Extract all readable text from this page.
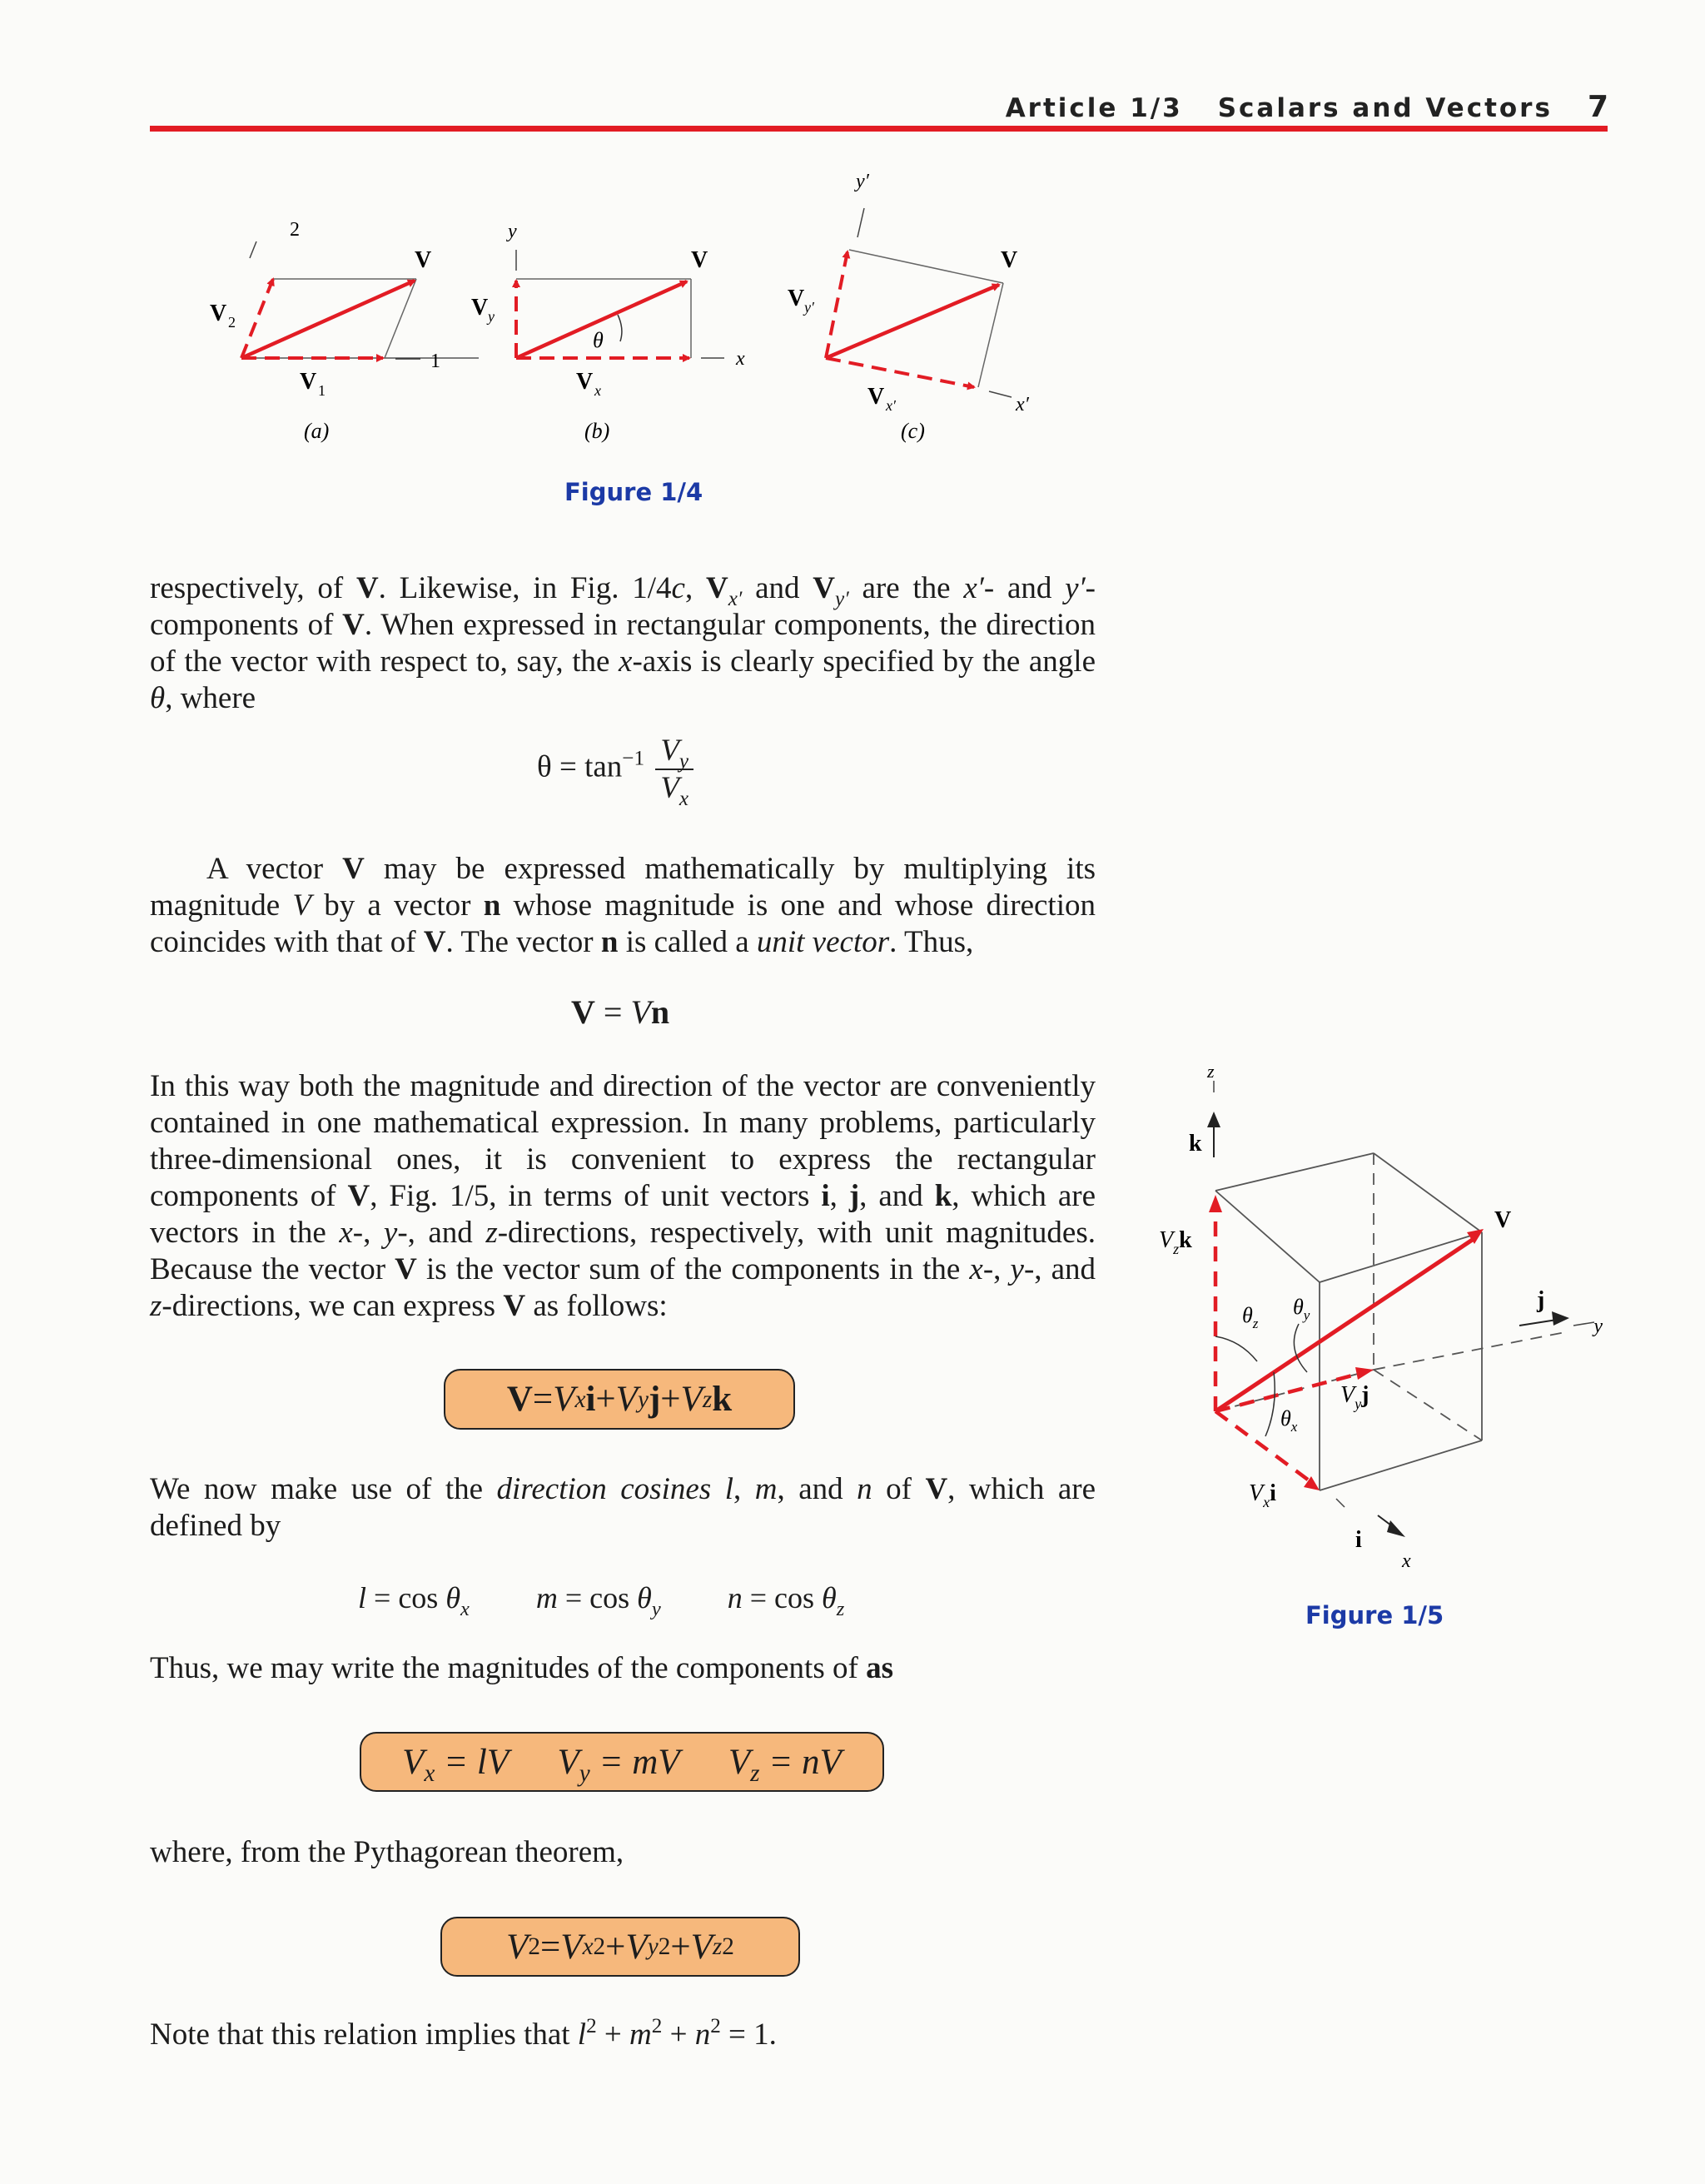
Article 1/3 Scalars and Vectors 7
1
2
V
V 2
V 1
(a)
θ
y
x
V
V y
V x
(b)
y′
x′
V
V y′
V x′
(c)
Figure 1/4

respectively, of V. Likewise, in Fig. 1/4c, $V_{x'}$ and $V_{y'}$ are the x′- and y′-components of V. When expressed in rectangular components, the direction of the vector with respect to, say, the x-axis is clearly specified by the angle θ, where

$\theta = \tan^{-1} \frac{V_y}{V_x}$

A vector V may be expressed mathematically by multiplying its magnitude V by a vector n whose magnitude is one and whose direction coincides with that of V. The vector n is called a unit vector. Thus,

V = Vn

In this way both the magnitude and direction of the vector are conveniently contained in one mathematical expression. In many problems, particularly three-dimensional ones, it is convenient to express the rectangular components of V, Fig. 1/5, in terms of unit vectors i, j, and k, which are vectors in the x-, y-, and z-directions, respectively, with unit magnitudes. Because the vector V is the vector sum of the components in the x-, y-, and z-directions, we can express V as follows:

V = V x i + V y j + V z k

We now make use of the direction cosines l, m, and n of V, which are defined by

$l = \cos \theta_x$ $m = \cos \theta_y$ $n = \cos \theta_z$

Thus, we may write the magnitudes of the components of as

$V_x$ = lV $V_y$ = mV $V_z$ = nV

where, from the Pythagorean theorem,

V 2 = V x 2 + V y 2 + V z 2

Note that this relation implies that $l^2 + m^2 + n^2 = 1$.

z
y
x
k
j
i
V
$V_zk$
$V_yj$
$V_xi$
$\theta_z$
$\theta_y$
$\theta_x$
Figure 1/5
